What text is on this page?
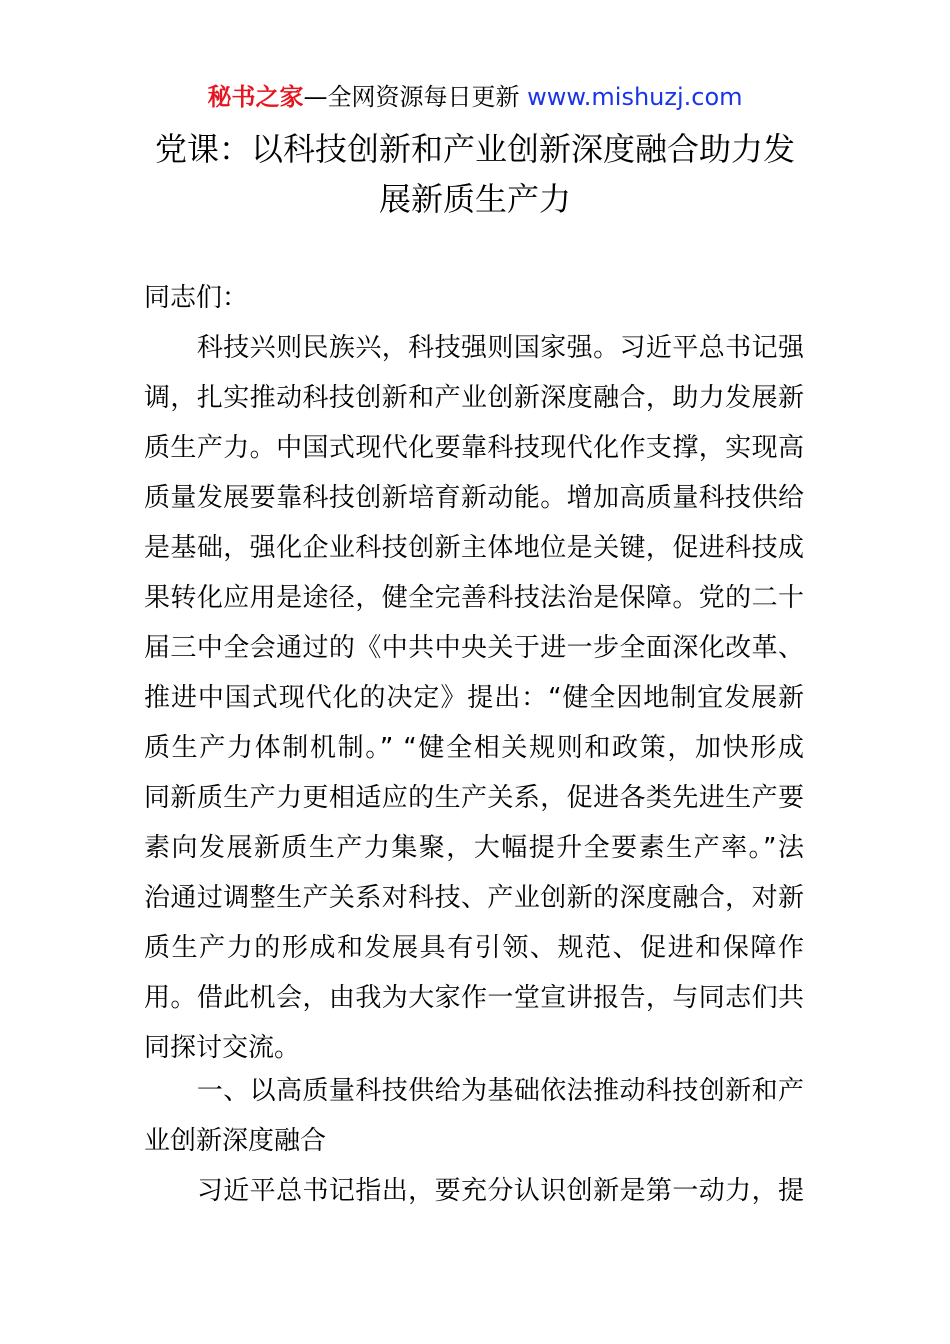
秘书之家—全网资源每日更新 www.mishuzj.com
党课：以科技创新和产业创新深度融合助力发
展新质生产力
同志们：
　　科技兴则民族兴，科技强则国家强。习近平总书记强
调，扎实推动科技创新和产业创新深度融合，助力发展新
质生产力。中国式现代化要靠科技现代化作支撑，实现高
质量发展要靠科技创新培育新动能。增加高质量科技供给
是基础，强化企业科技创新主体地位是关键，促进科技成
果转化应用是途径，健全完善科技法治是保障。党的二十
届三中全会通过的《中共中央关于进一步全面深化改革、
推进中国式现代化的决定》提出：“健全因地制宜发展新
质生产力体制机制。” “健全相关规则和政策，加快形成
同新质生产力更相适应的生产关系，促进各类先进生产要
素向发展新质生产力集聚，大幅提升全要素生产率。”法
治通过调整生产关系对科技、产业创新的深度融合，对新
质生产力的形成和发展具有引领、规范、促进和保障作
用。借此机会，由我为大家作一堂宣讲报告，与同志们共
同探讨交流。
　　一、以高质量科技供给为基础依法推动科技创新和产
业创新深度融合
　　习近平总书记指出，要充分认识创新是第一动力，提
